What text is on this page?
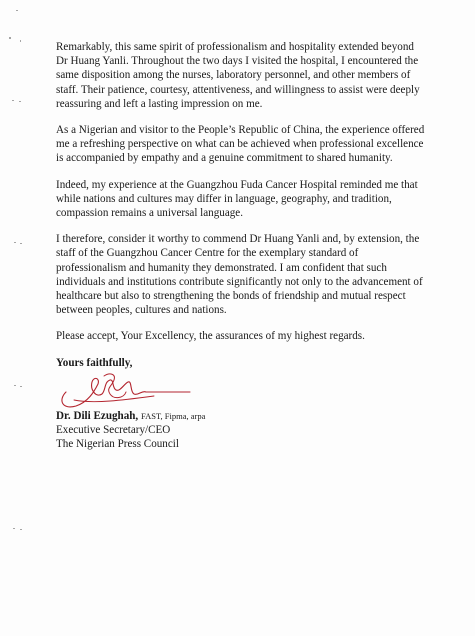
Remarkably, this same spirit of professionalism and hospitality extended beyond Dr Huang Yanli. Throughout the two days I visited the hospital, I encountered the same disposition among the nurses, laboratory personnel, and other members of staff. Their patience, courtesy, attentiveness, and willingness to assist were deeply reassuring and left a lasting impression on me.

As a Nigerian and visitor to the People’s Republic of China, the experience offered me a refreshing perspective on what can be achieved when professional excellence is accompanied by empathy and a genuine commitment to shared humanity.

Indeed, my experience at the Guangzhou Fuda Cancer Hospital reminded me that while nations and cultures may differ in language, geography, and tradition, compassion remains a universal language.

I therefore, consider it worthy to commend Dr Huang Yanli and, by extension, the staff of the Guangzhou Cancer Centre for the exemplary standard of professionalism and humanity they demonstrated. I am confident that such individuals and institutions contribute significantly not only to the advancement of healthcare but also to strengthening the bonds of friendship and mutual respect between peoples, cultures and nations.

Please accept, Your Excellency, the assurances of my highest regards.

Yours faithfully,

Dr. Dili Ezughah, FAST, Fipma, arpa
Executive Secretary/CEO
The Nigerian Press Council
